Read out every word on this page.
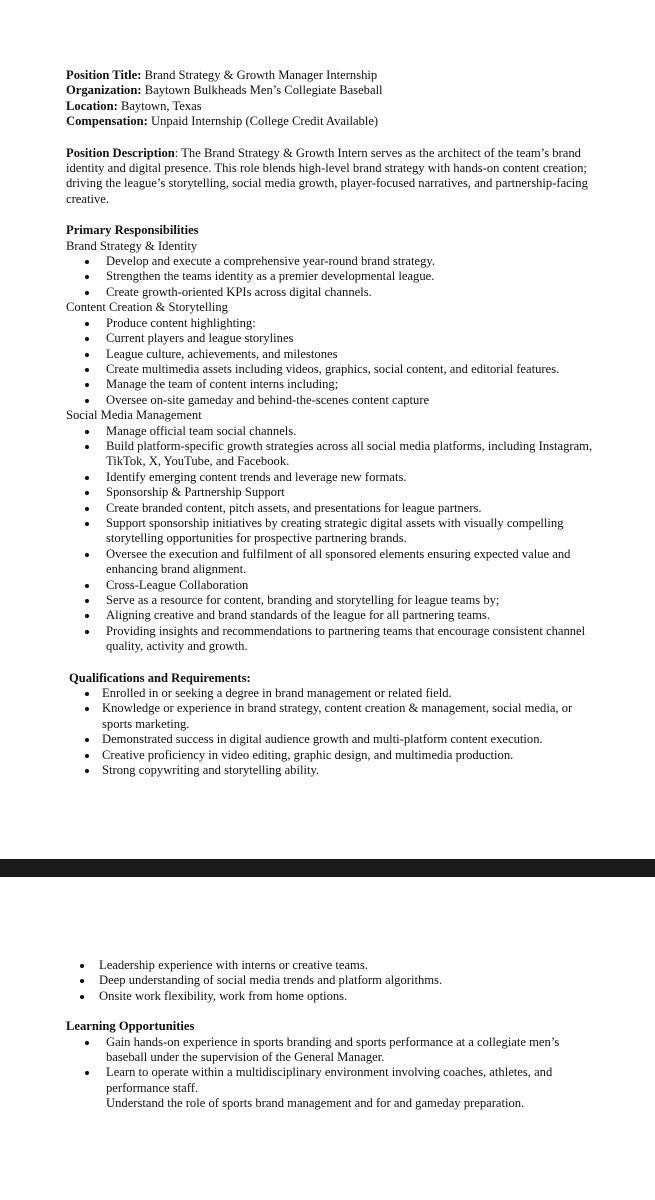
Position Title: Brand Strategy & Growth Manager Internship

Organization: Baytown Bulkheads Men’s Collegiate Baseball

Location: Baytown, Texas

Compensation: Unpaid Internship (College Credit Available)

Position Description: The Brand Strategy & Growth Intern serves as the architect of the team’s brand identity and digital presence. This role blends high-level brand strategy with hands-on content creation; driving the league’s storytelling, social media growth, player-focused narratives, and partnership-facing creative.

Primary Responsibilities

Brand Strategy & Identity

Develop and execute a comprehensive year-round brand strategy.
Strengthen the teams identity as a premier developmental league.
Create growth-oriented KPIs across digital channels.

Content Creation & Storytelling

Produce content highlighting:
Current players and league storylines
League culture, achievements, and milestones
Create multimedia assets including videos, graphics, social content, and editorial features.
Manage the team of content interns including;
Oversee on-site gameday and behind-the-scenes content capture

Social Media Management

Manage official team social channels.
Build platform-specific growth strategies across all social media platforms, including Instagram, TikTok, X, YouTube, and Facebook.
Identify emerging content trends and leverage new formats.
Sponsorship & Partnership Support
Create branded content, pitch assets, and presentations for league partners.
Support sponsorship initiatives by creating strategic digital assets with visually compelling storytelling opportunities for prospective partnering brands.
Oversee the execution and fulfilment of all sponsored elements ensuring expected value and enhancing brand alignment.
Cross-League Collaboration
Serve as a resource for content, branding and storytelling for league teams by;
Aligning creative and brand standards of the league for all partnering teams.
Providing insights and recommendations to partnering teams that encourage consistent channel quality, activity and growth.

Qualifications and Requirements:

Enrolled in or seeking a degree in brand management or related field.
Knowledge or experience in brand strategy, content creation & management, social media, or sports marketing.
Demonstrated success in digital audience growth and multi-platform content execution.
Creative proficiency in video editing, graphic design, and multimedia production.
Strong copywriting and storytelling ability.
Leadership experience with interns or creative teams.
Deep understanding of social media trends and platform algorithms.
Onsite work flexibility, work from home options.

Learning Opportunities

Gain hands-on experience in sports branding and sports performance at a collegiate men’s baseball under the supervision of the General Manager.
Learn to operate within a multidisciplinary environment involving coaches, athletes, and performance staff.

Understand the role of sports brand management and for and gameday preparation.
